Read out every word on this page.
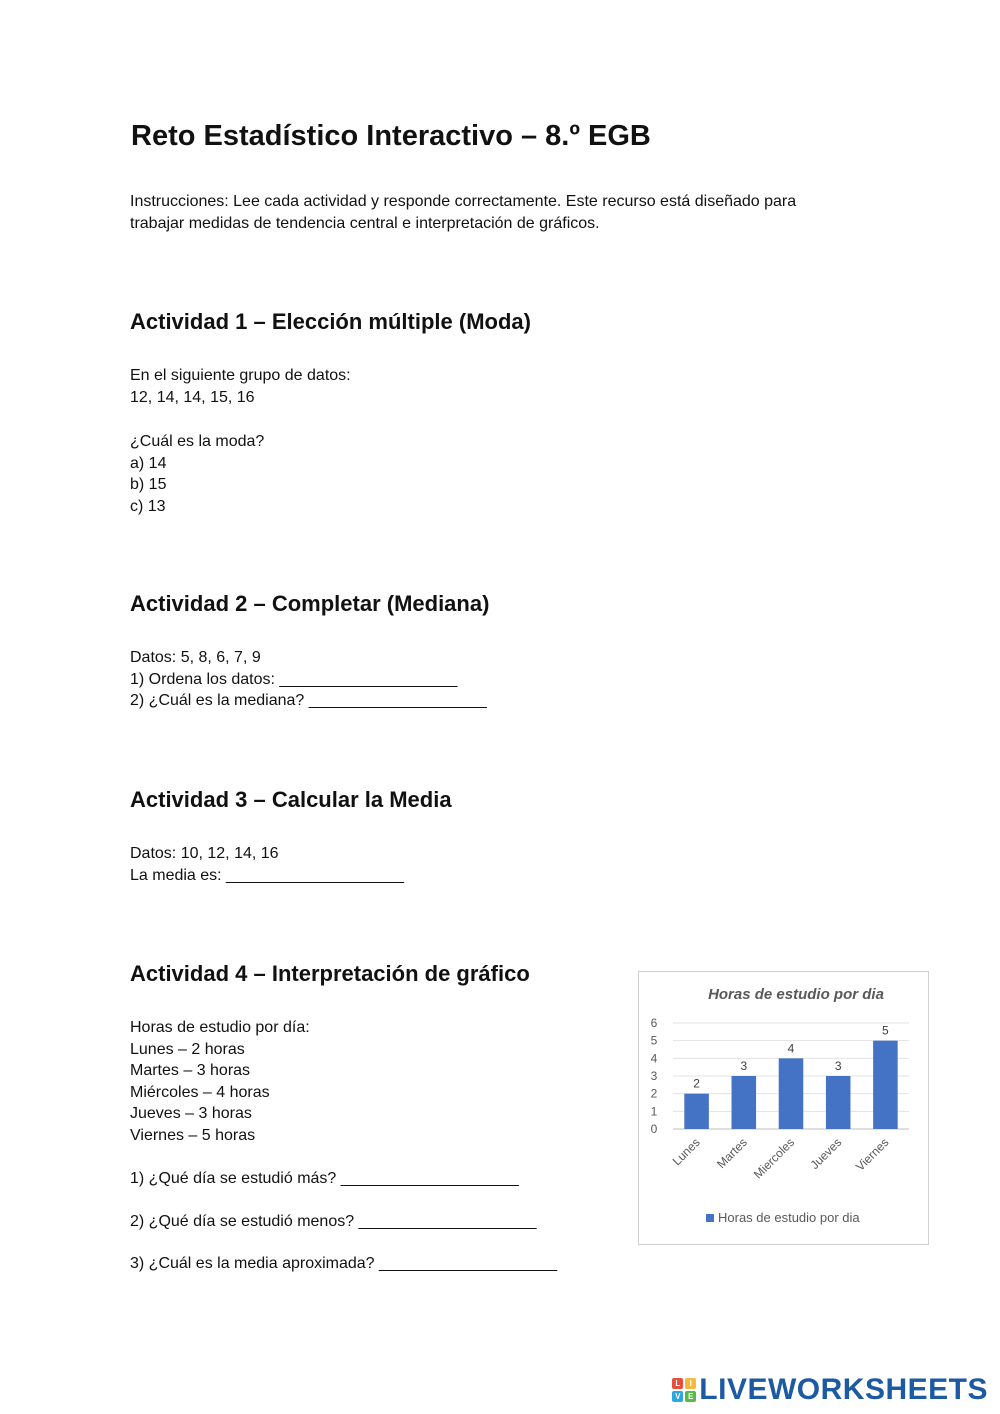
Reto Estadístico Interactivo – 8.º EGB
Instrucciones: Lee cada actividad y responde correctamente. Este recurso está diseñado para trabajar medidas de tendencia central e interpretación de gráficos.
Actividad 1 – Elección múltiple (Moda)
En el siguiente grupo de datos:
12, 14, 14, 15, 16
¿Cuál es la moda?
a) 14
b) 15
c) 13
Actividad 2 – Completar (Mediana)
Datos: 5, 8, 6, 7, 9
1) Ordena los datos: ____________________
2) ¿Cuál es la mediana? ____________________
Actividad 3 – Calcular la Media
Datos: 10, 12, 14, 16
La media es: ____________________
Actividad 4 – Interpretación de gráfico
Horas de estudio por día:
Lunes – 2 horas
Martes – 3 horas
Miércoles – 4 horas
Jueves – 3 horas
Viernes – 5 horas
1) ¿Qué día se estudió más? ____________________
2) ¿Qué día se estudió menos? ____________________
3) ¿Cuál es la media aproximada? ____________________
Horas de estudio por dia
0
1
2
3
4
5
6
2
Lunes
3
Martes
4
Miercoles
3
Jueves
5
Viernes
Horas de estudio por dia
L	I
V E LIVEWORKSHEETS
